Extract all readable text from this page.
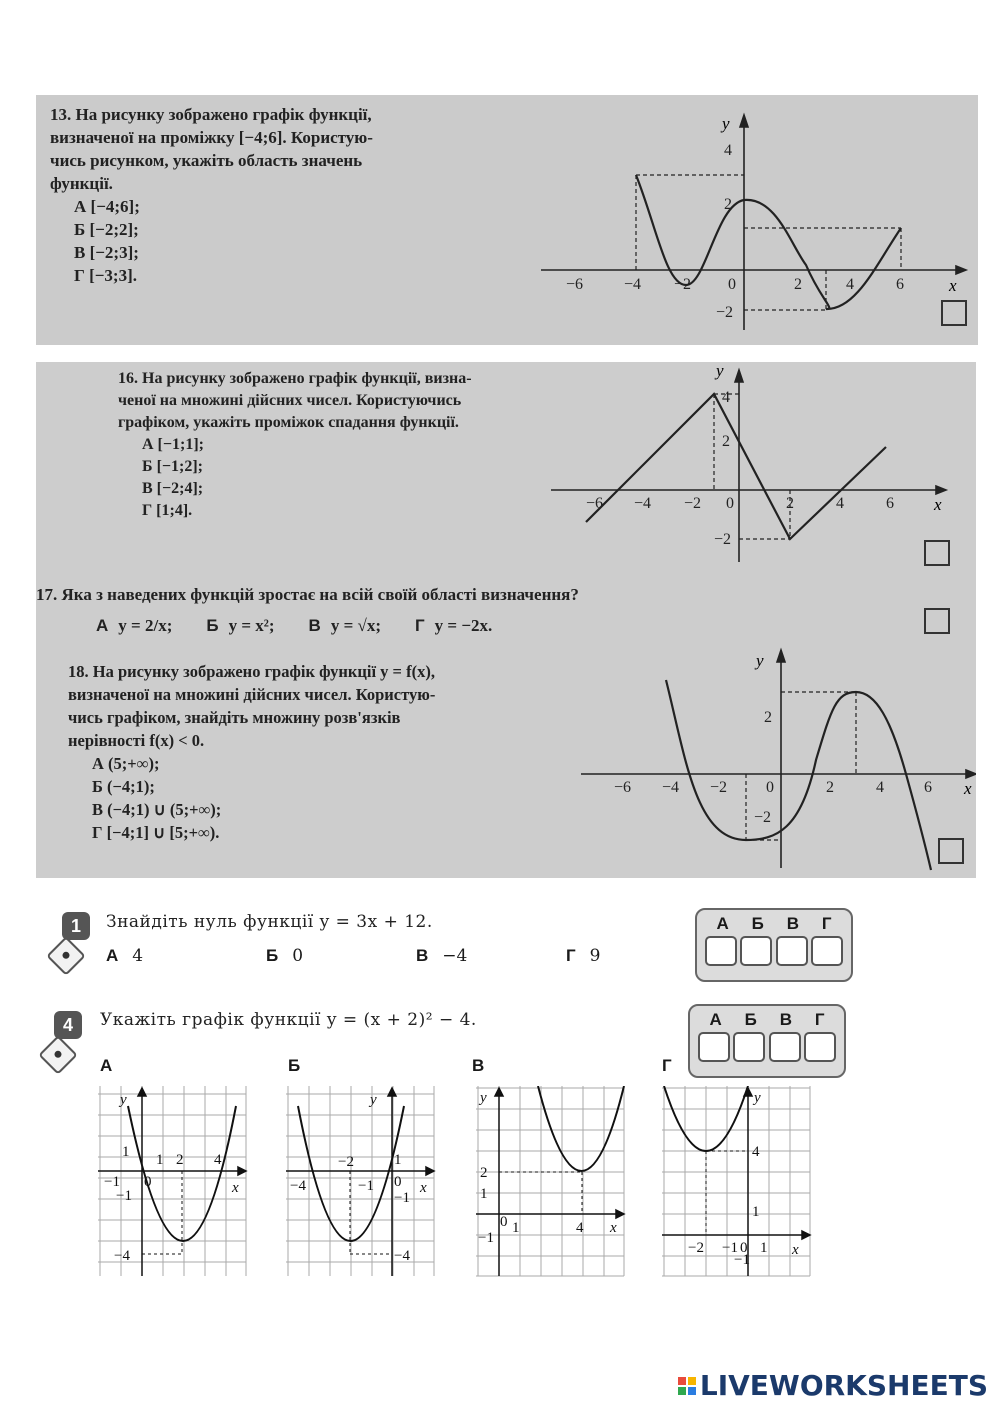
13. На рисунку зображено графік функції,
визначеної на проміжку [−4;6]. Користую-
чись рисунком, укажіть область значень
функції.
А [−4;6];
Б [−2;2];
В [−2;3];
Г [−3;3].
x
y
−6	−4 −2 0	2	4	6
4
2
−2
16. На рисунку зображено графік функції, визна-
ченої на множині дійсних чисел. Користуючись
графіком, укажіть проміжок спадання функції.
А [−1;1];
Б [−1;2];
В [−2;4];
Г [1;4].	x
y
−6 −4 −2 0	2	4	6
4
2
−2
18. На рисунку зображено графік функції y = f(x),
визначеної на множині дійсних чисел. Користую-
чись графіком, знайдіть множину розв'язків
нерівності f(x) < 0.
А (5;+∞);
Б (−4;1);
В (−4;1) ∪ (5;+∞);
Г [−4;1] ∪ [5;+∞).
x
y
−6 −4 −2 0	2	4	6
2
−2
17. Яка з наведених функцій зростає на всій своїй області визначення?
А y = 2/x; Б y = x²; В y = √x; Г y = −2x.
1	Знайдіть нуль функції y = 3x + 12.
А 4	Б 0	В −4	Г 9
А Б В Г
4	Укажіть графік функції y = (x + 2)² − 4.	А Б В Г
А	Б	В	Г
y
x
1 1 2 4
−1 0
−1
−4
y
x
−2
−4	−1 0
1
−1
−4
y
x
2
1
0 1	4
−1
y
x
4
1
−2 −1 0 1
−1
LIVEWORKSHEETS
